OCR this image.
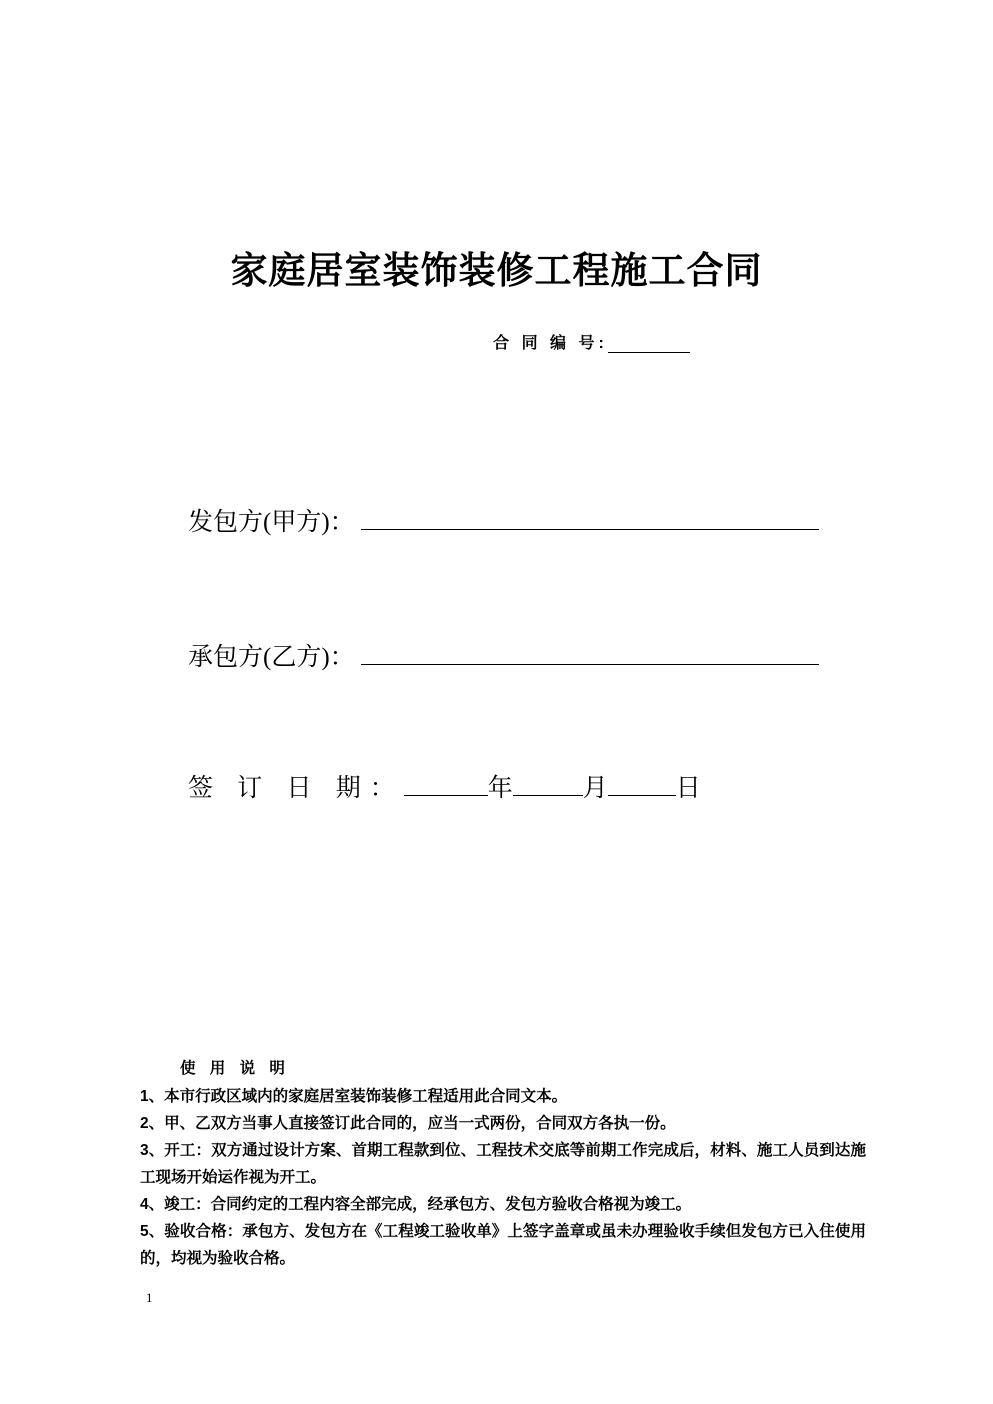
家庭居室装饰装修工程施工合同
合 同 编 号:
发包方(甲方)：
承包方(乙方)：
签 订 日 期：	年	月	日
使 用 说 明
1、本市行政区域内的家庭居室装饰装修工程适用此合同文本。
2、甲、乙双方当事人直接签订此合同的，应当一式两份，合同双方各执一份。
3、开工：双方通过设计方案、首期工程款到位、工程技术交底等前期工作完成后，材料、施工人员到达施工现场开始运作视为开工。
4、竣工：合同约定的工程内容全部完成，经承包方、发包方验收合格视为竣工。
5、验收合格：承包方、发包方在《工程竣工验收单》上签字盖章或虽未办理验收手续但发包方已入住使用的，均视为验收合格。
1
